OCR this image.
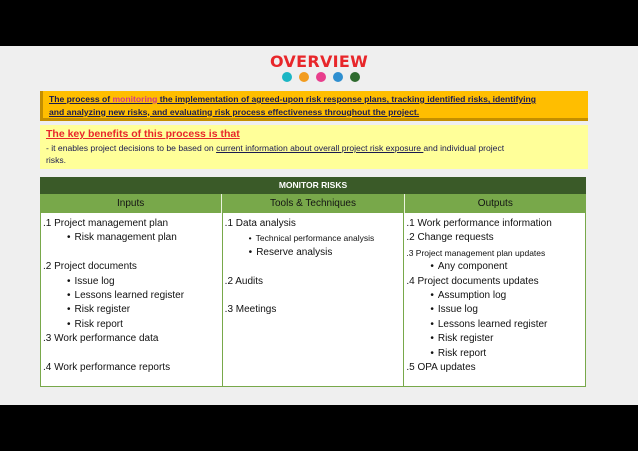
OVERVIEW
The process of monitoring the implementation of agreed-upon risk response plans, tracking identified risks, identifying
and analyzing new risks, and evaluating risk process effectiveness throughout the project.
The key benefits of this process is that
- it enables project decisions to be based on current information about overall project risk exposure and individual project
risks.
MONITOR RISKS
Inputs	Tools & Techniques	Outputs
.1 Project management plan
• Risk management plan
.2 Project documents
• Issue log
• Lessons learned register
• Risk register
• Risk report
.3 Work performance data
.4 Work performance reports
.1 Data analysis
• Technical performance analysis
• Reserve analysis
.2 Audits
.3 Meetings
.1 Work performance information
.2 Change requests
.3 Project management plan updates
• Any component
.4 Project documents updates
• Assumption log
• Issue log
• Lessons learned register
• Risk register
• Risk report
.5 OPA updates
